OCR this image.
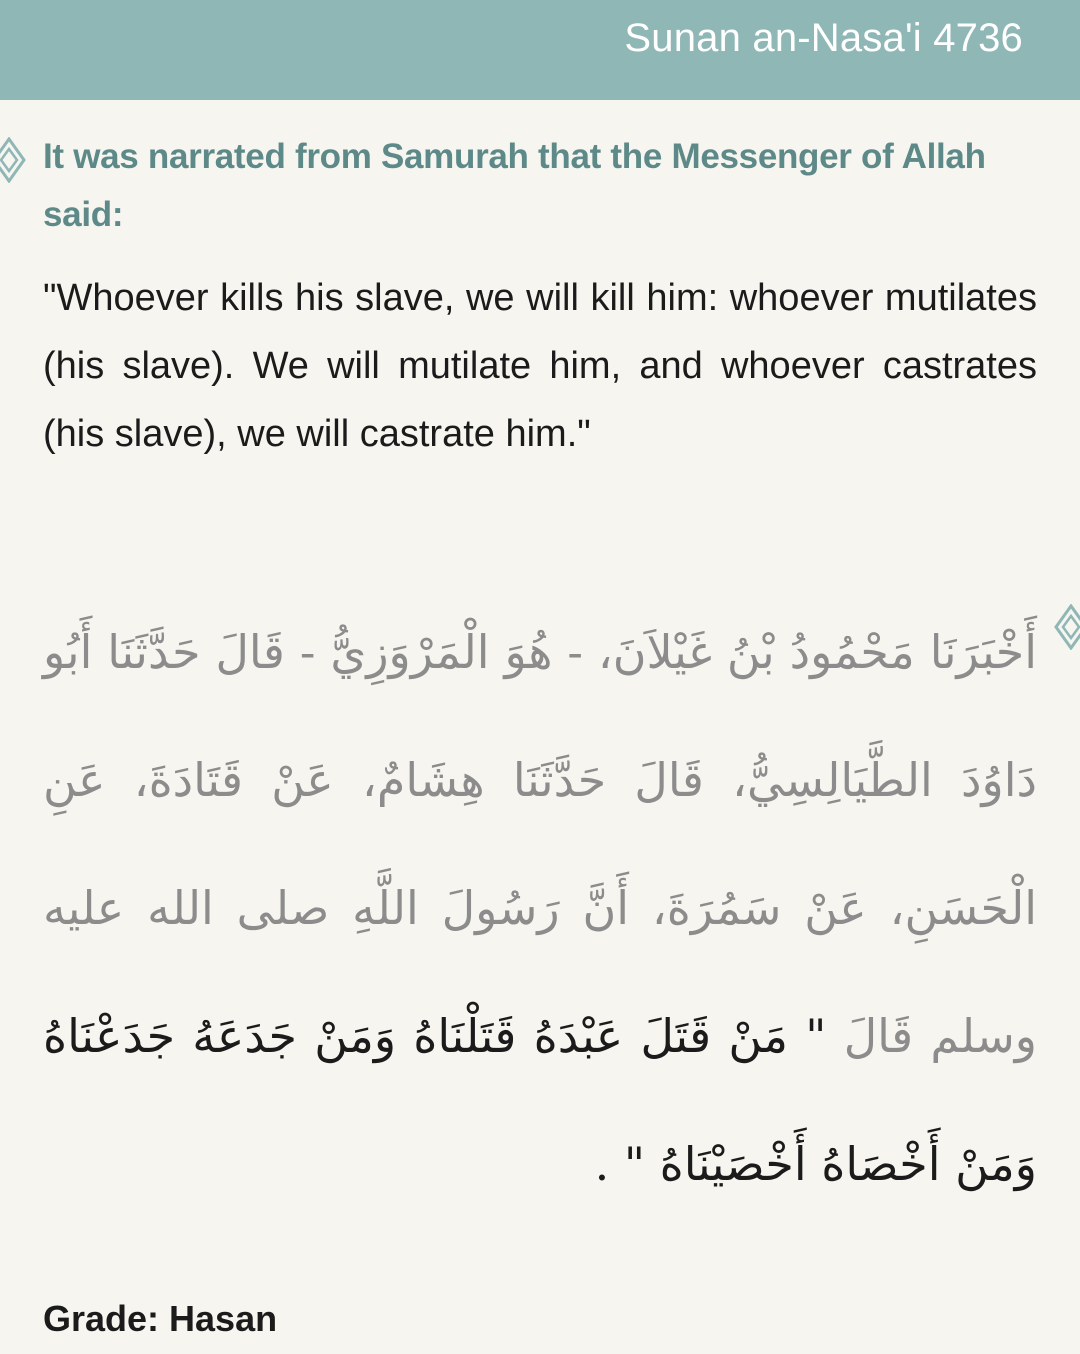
Sunan an-Nasa'i 4736
It was narrated from Samurah that the Messenger of Allah said:
"Whoever kills his slave, we will kill him: whoever mutilates (his slave). We will mutilate him, and whoever castrates (his slave), we will castrate him."
أَخْبَرَنَا مَحْمُودُ بْنُ غَيْلاَنَ، - هُوَ الْمَرْوَزِيُّ - قَالَ حَدَّثَنَا أَبُو دَاوُدَ الطَّيَالِسِيُّ، قَالَ حَدَّثَنَا هِشَامٌ، عَنْ قَتَادَةَ، عَنِ الْحَسَنِ، عَنْ سَمُرَةَ، أَنَّ رَسُولَ اللَّهِ صلى الله عليه وسلم قَالَ " مَنْ قَتَلَ عَبْدَهُ قَتَلْنَاهُ وَمَنْ جَدَعَهُ جَدَعْنَاهُ وَمَنْ أَخْصَاهُ أَخْصَيْنَاهُ " .
Grade: Hasan
